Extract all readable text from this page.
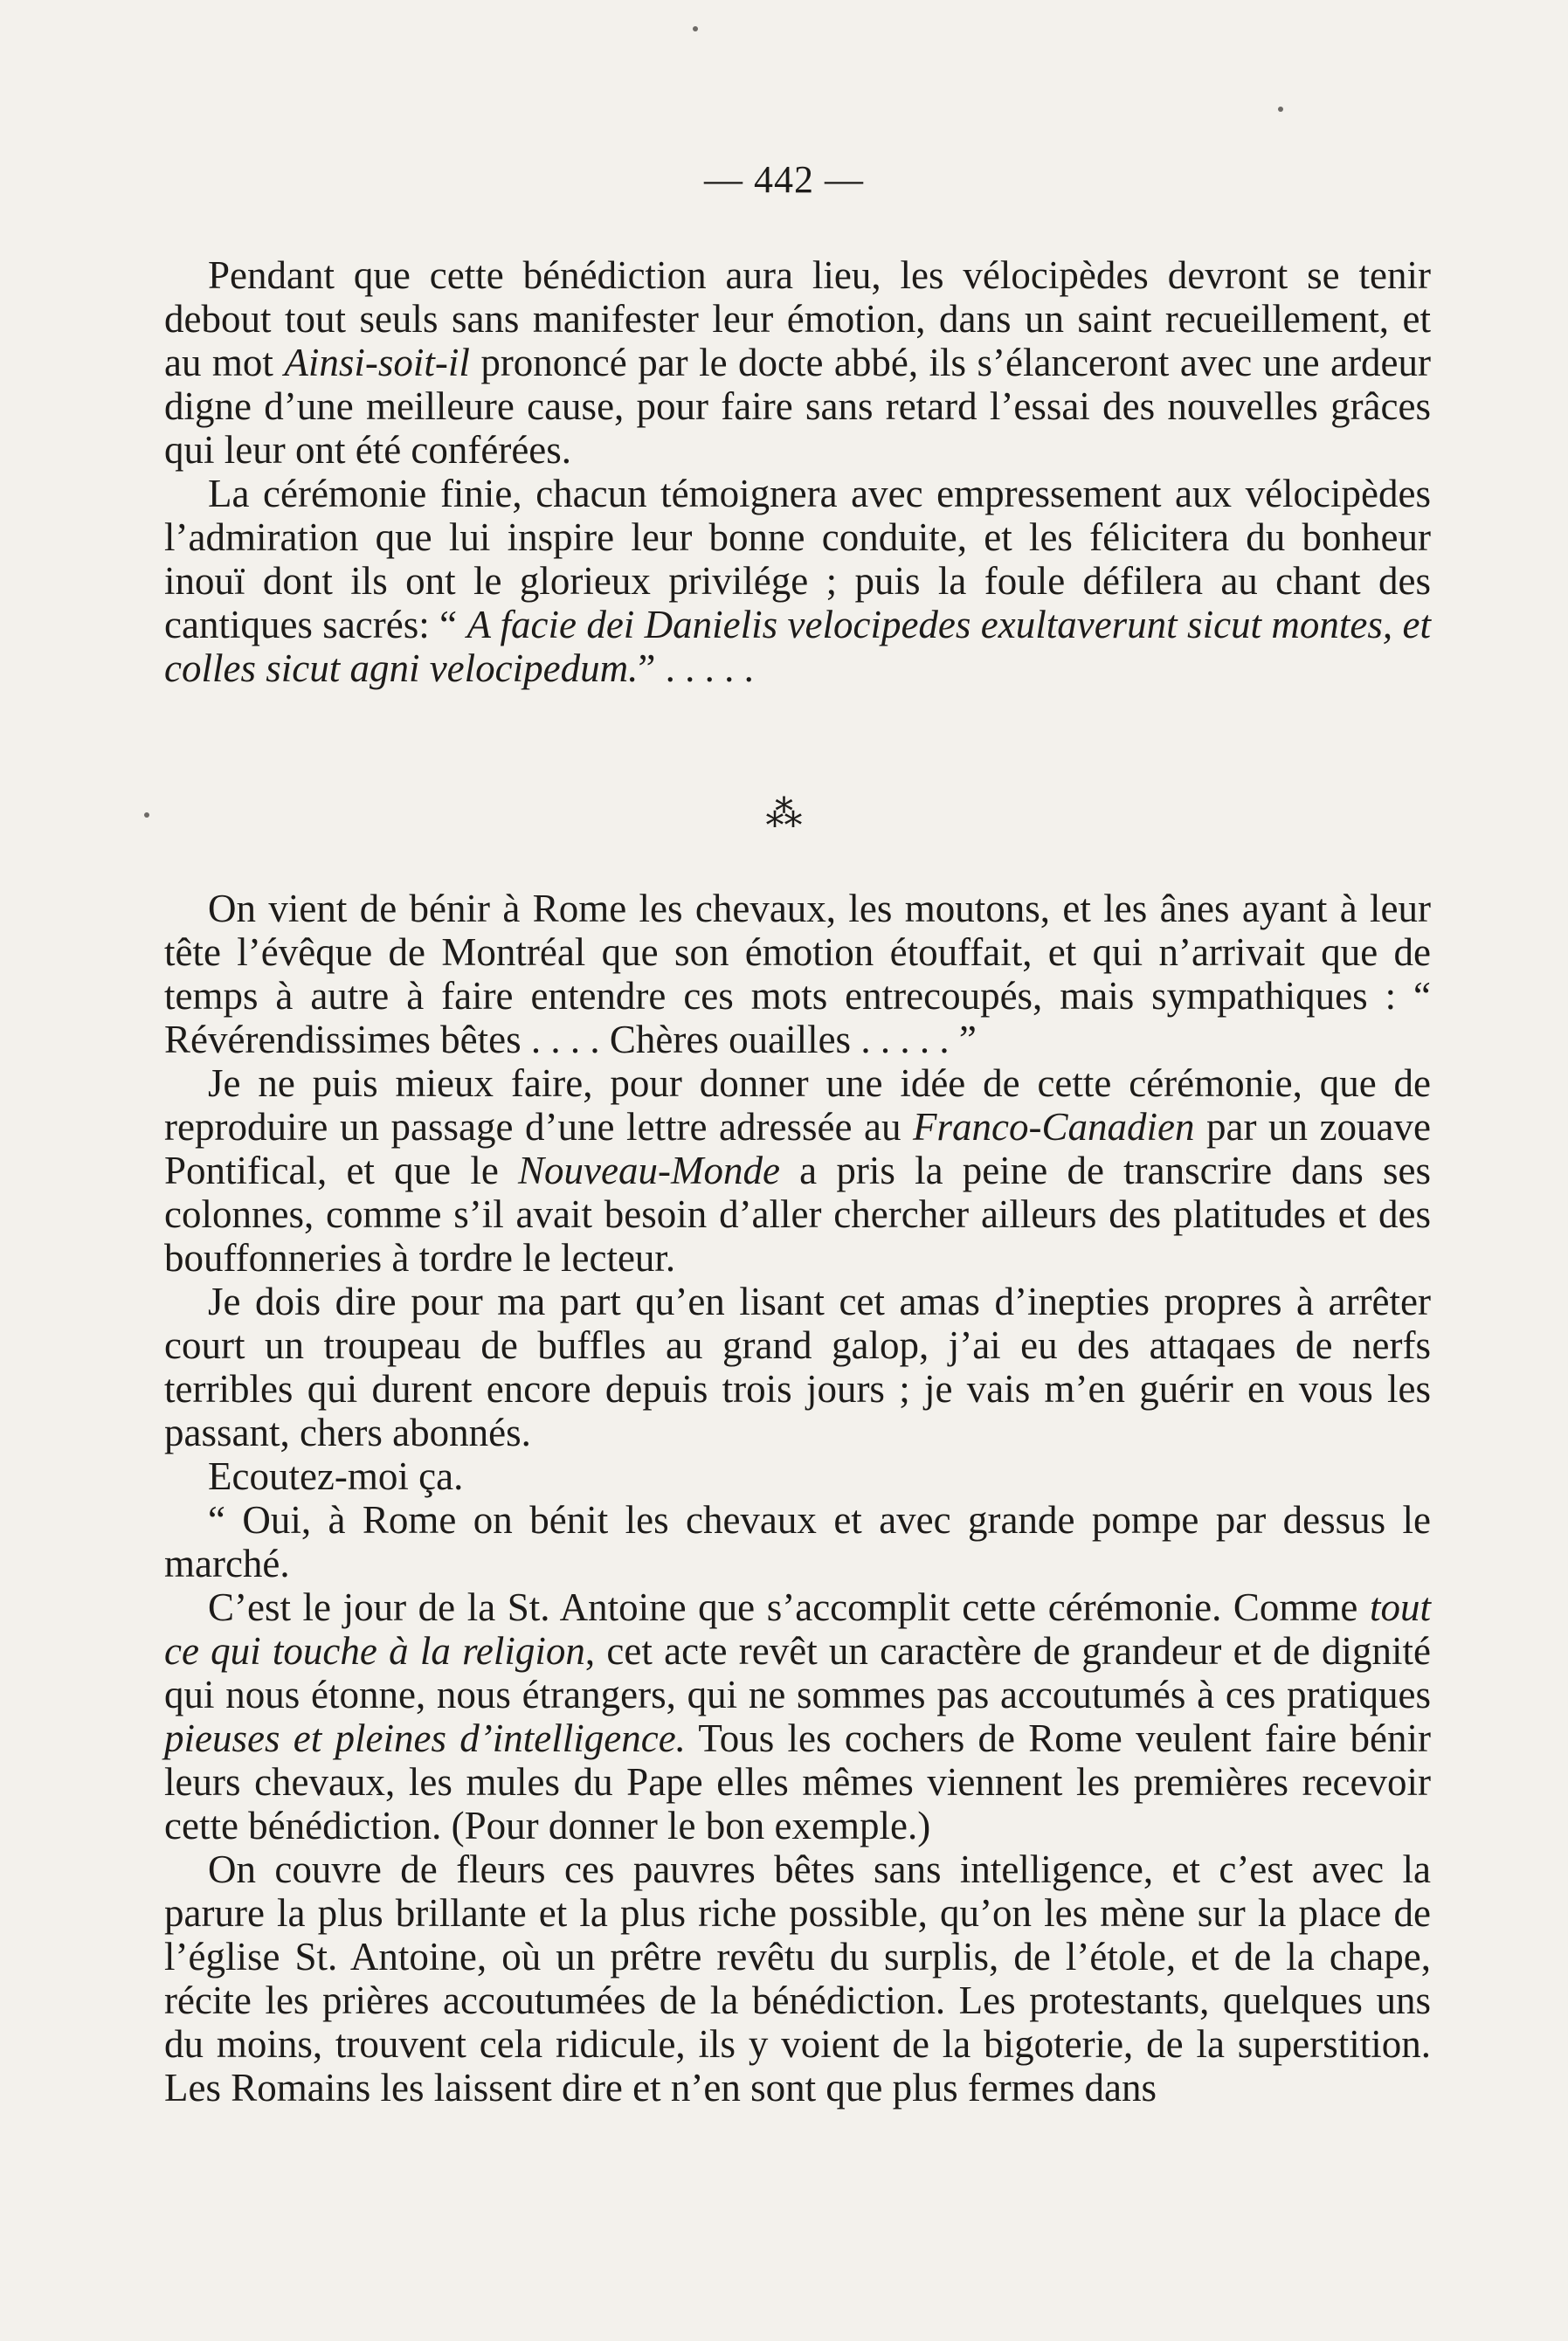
— 442 —

Pendant que cette bénédiction aura lieu, les vélocipèdes devront se tenir debout tout seuls sans manifester leur émotion, dans un saint recueillement, et au mot Ainsi-soit-il prononcé par le docte abbé, ils s’élanceront avec une ardeur digne d’une meilleure cause, pour faire sans retard l’essai des nouvelles grâces qui leur ont été conférées.

La cérémonie finie, chacun témoignera avec empressement aux vélocipèdes l’admiration que lui inspire leur bonne conduite, et les félicitera du bonheur inouï dont ils ont le glorieux privilége ; puis la foule défilera au chant des cantiques sacrés: “ A facie dei Danielis velocipedes exultaverunt sicut montes, et colles sicut agni velocipedum.” . . . . .

⁂

On vient de bénir à Rome les chevaux, les moutons, et les ânes ayant à leur tête l’évêque de Montréal que son émotion étouffait, et qui n’arrivait que de temps à autre à faire entendre ces mots entrecoupés, mais sympathiques : “ Révérendissimes bêtes . . . . Chères ouailles . . . . . ”

Je ne puis mieux faire, pour donner une idée de cette cérémonie, que de reproduire un passage d’une lettre adressée au Franco-Canadien par un zouave Pontifical, et que le Nouveau-Monde a pris la peine de transcrire dans ses colonnes, comme s’il avait besoin d’aller chercher ailleurs des platitudes et des bouffonneries à tordre le lecteur.

Je dois dire pour ma part qu’en lisant cet amas d’inepties propres à arrêter court un troupeau de buffles au grand galop, j’ai eu des attaqaes de nerfs terribles qui durent encore depuis trois jours ; je vais m’en guérir en vous les passant, chers abonnés.

Ecoutez-moi ça.

“ Oui, à Rome on bénit les chevaux et avec grande pompe par dessus le marché.

C’est le jour de la St. Antoine que s’accomplit cette cérémonie. Comme tout ce qui touche à la religion, cet acte revêt un caractère de grandeur et de dignité qui nous étonne, nous étrangers, qui ne sommes pas accoutumés à ces pratiques pieuses et pleines d’intelligence. Tous les cochers de Rome veulent faire bénir leurs chevaux, les mules du Pape elles mêmes viennent les premières recevoir cette bénédiction. (Pour donner le bon exemple.)

On couvre de fleurs ces pauvres bêtes sans intelligence, et c’est avec la parure la plus brillante et la plus riche possible, qu’on les mène sur la place de l’église St. Antoine, où un prêtre revêtu du surplis, de l’étole, et de la chape, récite les prières accoutumées de la bénédiction. Les protestants, quelques uns du moins, trouvent cela ridicule, ils y voient de la bigoterie, de la superstition. Les Romains les laissent dire et n’en sont que plus fermes dans
